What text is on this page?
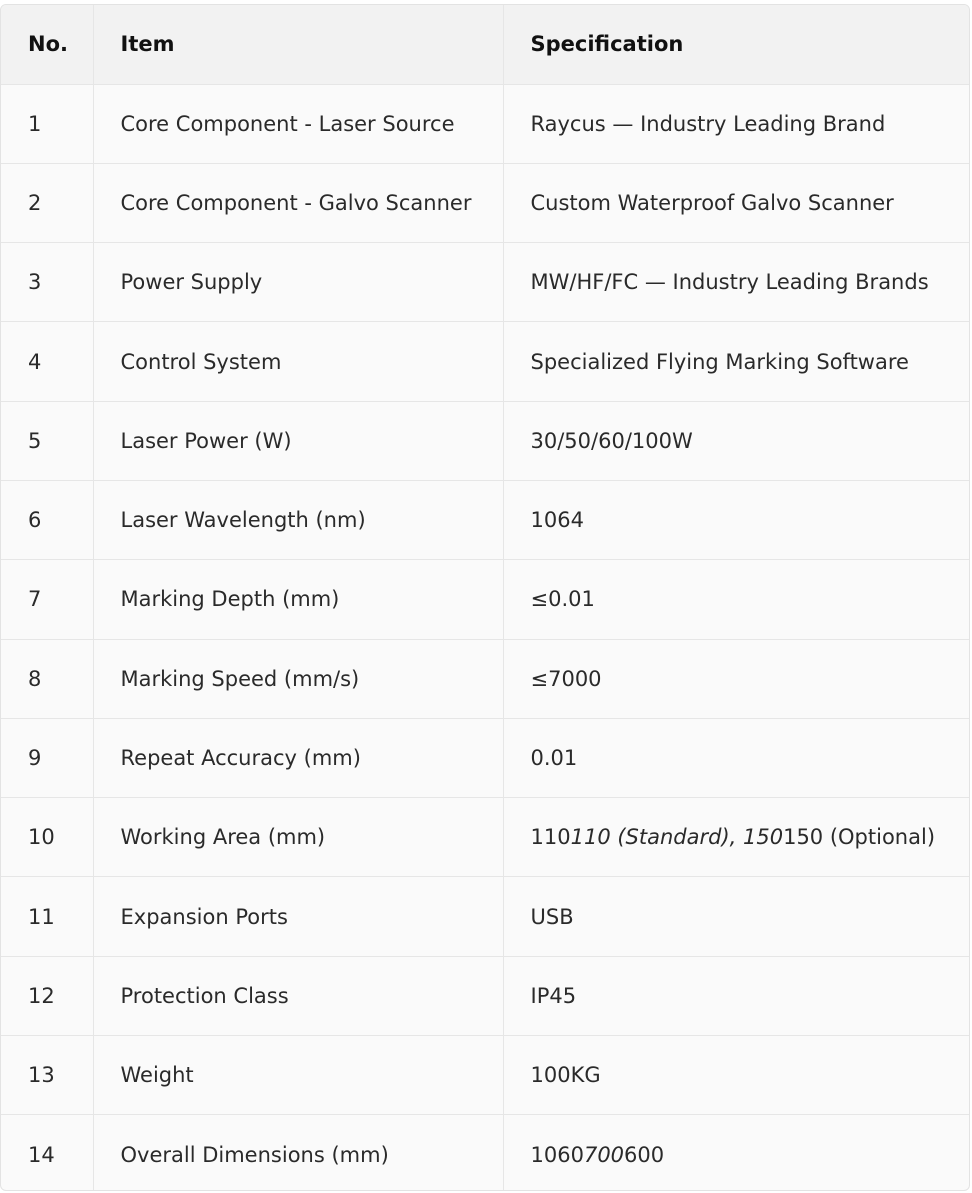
No.	Item	Specification
1	Core Component - Laser Source	Raycus — Industry Leading Brand
2	Core Component - Galvo Scanner	Custom Waterproof Galvo Scanner
3	Power Supply	MW/HF/FC — Industry Leading Brands
4	Control System	Specialized Flying Marking Software
5	Laser Power (W)	30/50/60/100W
6	Laser Wavelength (nm)	1064
7	Marking Depth (mm)	≤0.01
8	Marking Speed (mm/s)	≤7000
9	Repeat Accuracy (mm)	0.01
10	Working Area (mm)	110110 (Standard), 150150 (Optional)
11	Expansion Ports	USB
12	Protection Class	IP45
13	Weight	100KG
14	Overall Dimensions (mm)	1060700600
